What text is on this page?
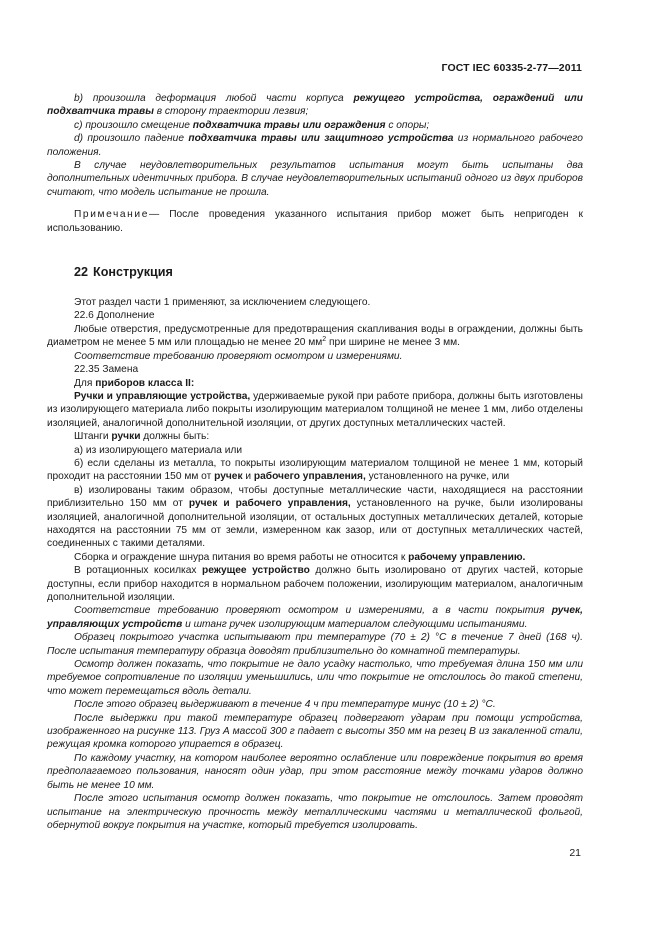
ГОСТ IEC 60335-2-77—2011

b) произошла деформация любой части корпуса режущего устройства, ограждений или подхватчика травы в сторону траектории лезвия;

c) произошло смещение подхватчика травы или ограждения с опоры;

d) произошло падение подхватчика травы или защитного устройства из нормального рабочего положения.

В случае неудовлетворительных результатов испытания могут быть испытаны два дополнительных идентичных прибора. В случае неудовлетворительных испытаний одного из двух приборов считают, что модель испытание не прошла.

Примечание— После проведения указанного испытания прибор может быть непригоден к использованию.

22 Конструкция

Этот раздел части 1 применяют, за исключением следующего.

22.6 Дополнение

Любые отверстия, предусмотренные для предотвращения скапливания воды в ограждении, должны быть диаметром не менее 5 мм или площадью не менее 20 $мм^2$ при ширине не менее 3 мм.

Соответствие требованию проверяют осмотром и измерениями.

22.35 Замена

Для приборов класса II:

Ручки и управляющие устройства, удерживаемые рукой при работе прибора, должны быть изготовлены из изолирующего материала либо покрыты изолирующим материалом толщиной не менее 1 мм, либо отделены изоляцией, аналогичной дополнительной изоляции, от других доступных металлических частей.

Штанги ручки должны быть:

а) из изолирующего материала или

б) если сделаны из металла, то покрыты изолирующим материалом толщиной не менее 1 мм, который проходит на расстоянии 150 мм от ручек и рабочего управления, установленного на ручке, или

в) изолированы таким образом, чтобы доступные металлические части, находящиеся на расстоянии приблизительно 150 мм от ручек и рабочего управления, установленного на ручке, были изолированы изоляцией, аналогичной дополнительной изоляции, от остальных доступных металлических деталей, которые находятся на расстоянии 75 мм от земли, измеренном как зазор, или от доступных металлических частей, соединенных с такими деталями.

Сборка и ограждение шнура питания во время работы не относится к рабочему управлению.

В ротационных косилках режущее устройство должно быть изолировано от других частей, которые доступны, если прибор находится в нормальном рабочем положении, изолирующим материалом, аналогичным дополнительной изоляции.

Соответствие требованию проверяют осмотром и измерениями, а в части покрытия ручек, управляющих устройств и штанг ручек изолирующим материалом следующими испытаниями.

Образец покрытого участка испытывают при температуре (70 ± 2) °С в течение 7 дней (168 ч). После испытания температуру образца доводят приблизительно до комнатной температуры.

Осмотр должен показать, что покрытие не дало усадку настолько, что требуемая длина 150 мм или требуемое сопротивление по изоляции уменьшились, или что покрытие не отслоилось до такой степени, что может перемещаться вдоль детали.

После этого образец выдерживают в течение 4 ч при температуре минус (10 ± 2) °С.

После выдержки при такой температуре образец подвергают ударам при помощи устройства, изображенного на рисунке 113. Груз А массой 300 г падает с высоты 350 мм на резец В из закаленной стали, режущая кромка которого упирается в образец.

По каждому участку, на котором наиболее вероятно ослабление или повреждение покрытия во время предполагаемого пользования, наносят один удар, при этом расстояние между точками ударов должно быть не менее 10 мм.

После этого испытания осмотр должен показать, что покрытие не отслоилось. Затем проводят испытание на электрическую прочность между металлическими частями и металлической фольгой, обернутой вокруг покрытия на участке, который требуется изолировать.

21
